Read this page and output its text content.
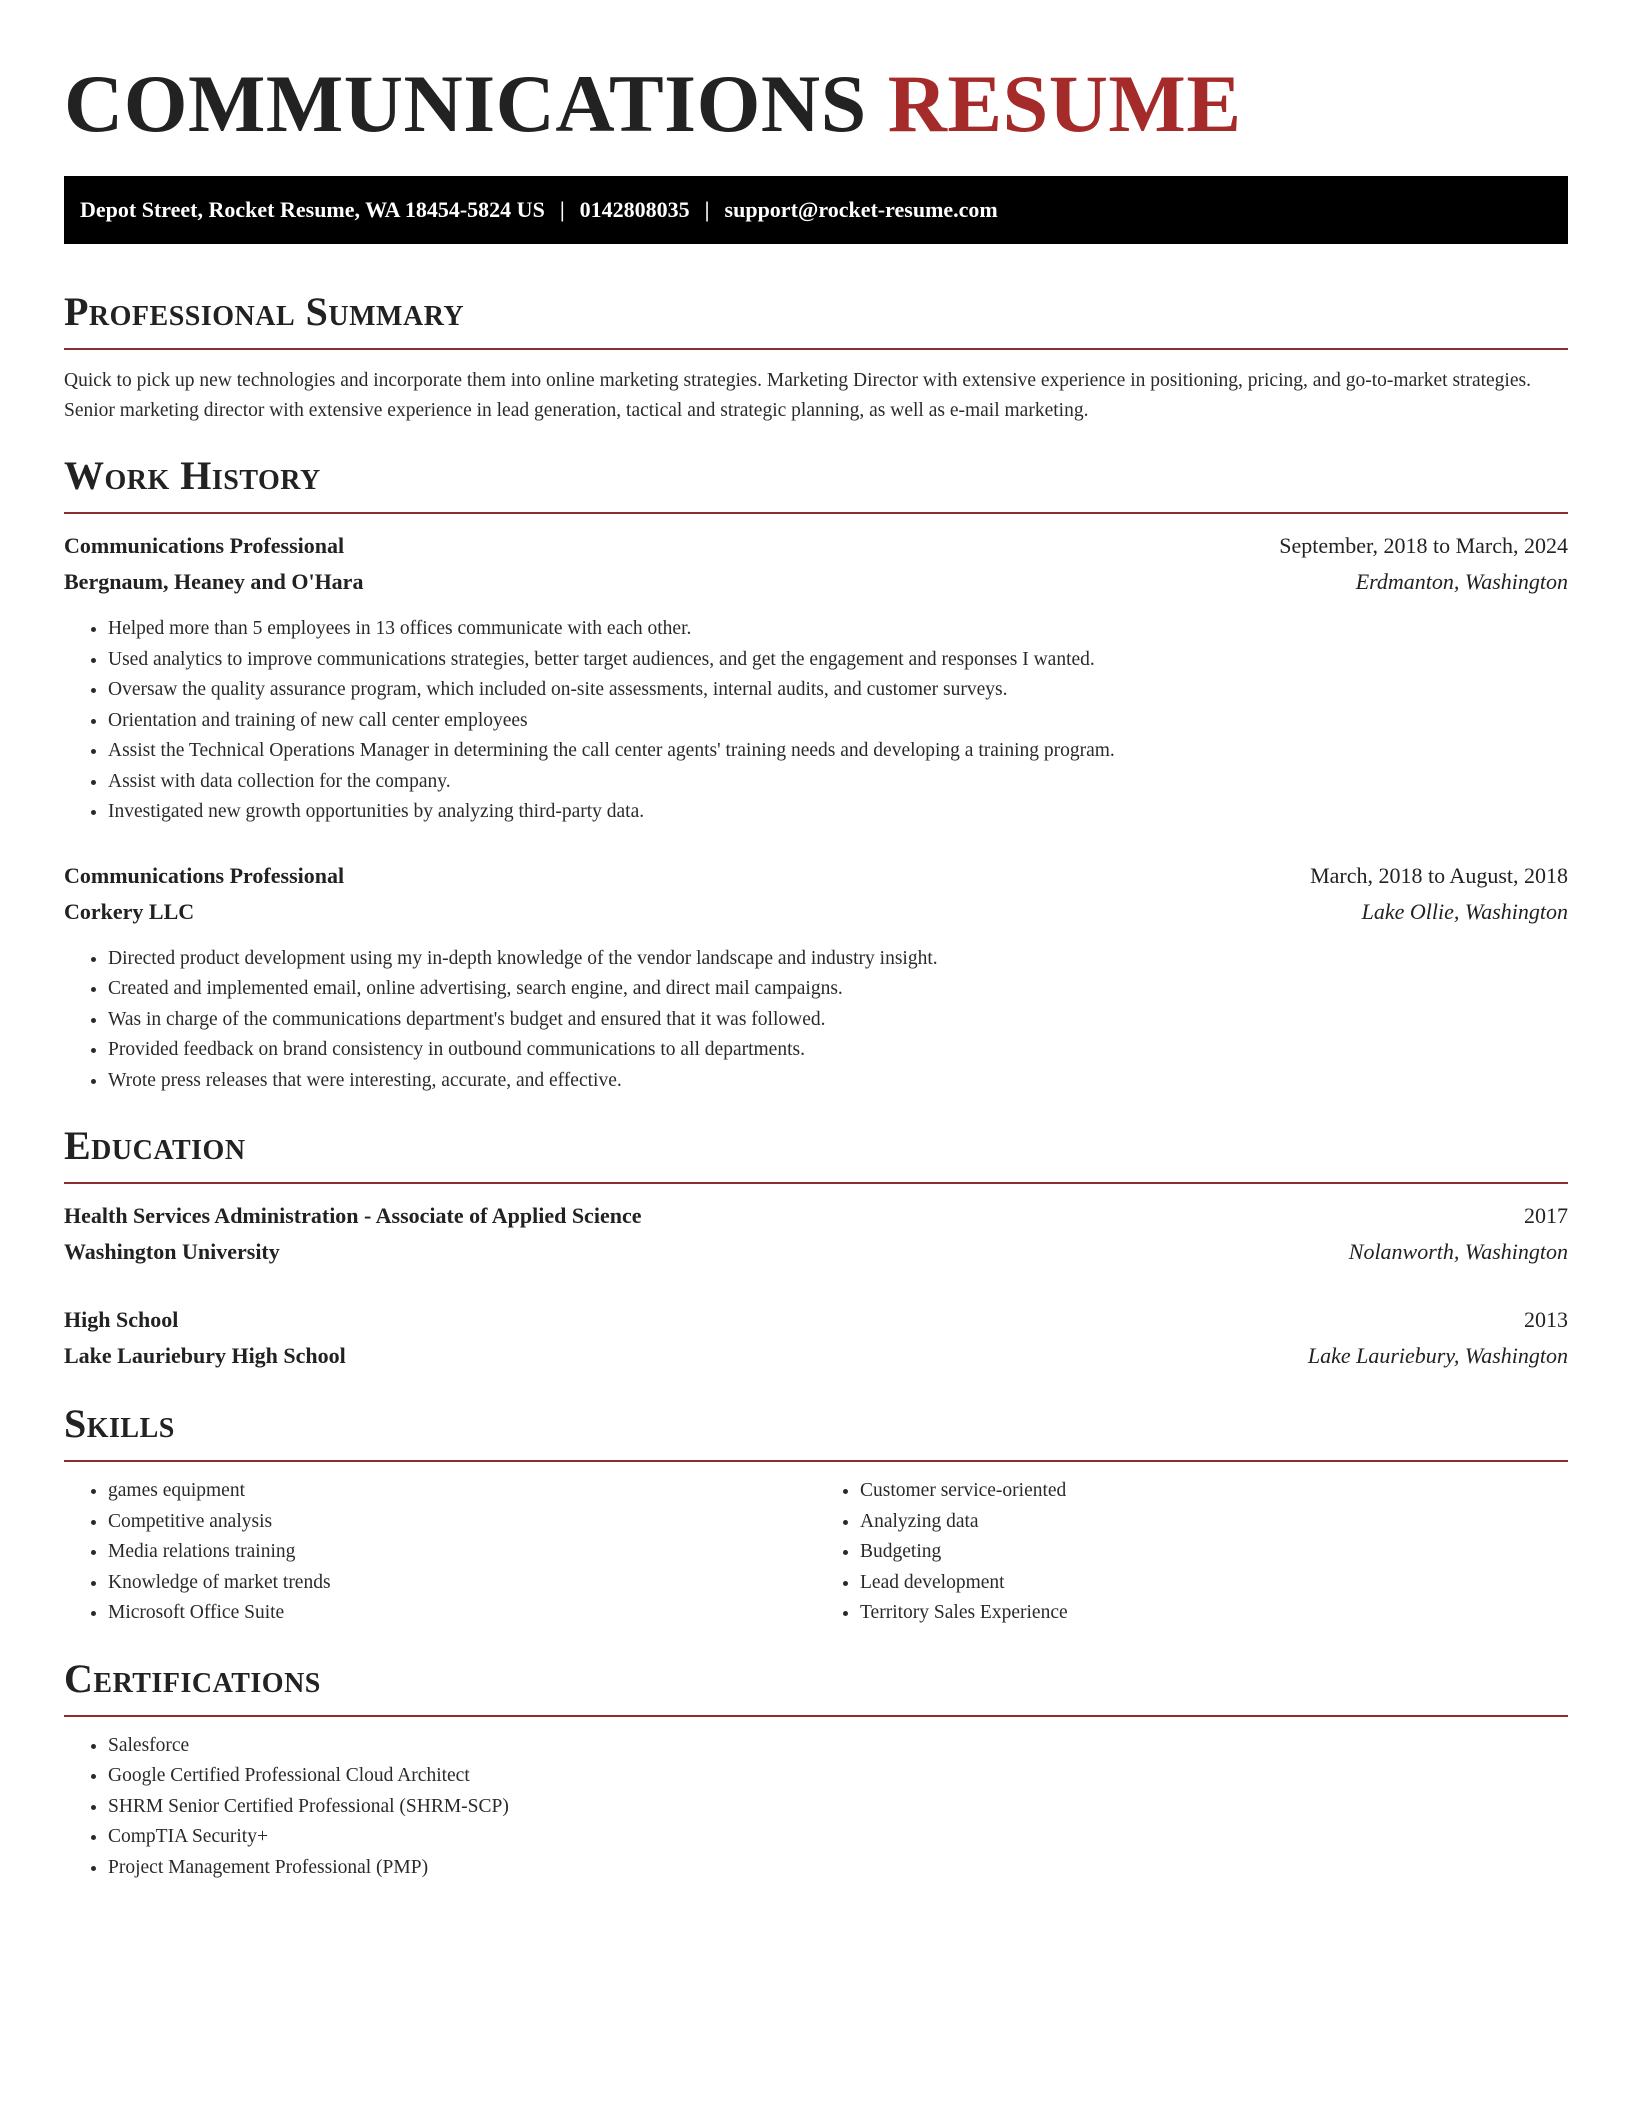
COMMUNICATIONS RESUME
Depot Street, Rocket Resume, WA 18454-5824 US | 0142808035 | support@rocket-resume.com
Professional Summary
Quick to pick up new technologies and incorporate them into online marketing strategies. Marketing Director with extensive experience in positioning, pricing, and go-to-market strategies. Senior marketing director with extensive experience in lead generation, tactical and strategic planning, as well as e-mail marketing.
Work History
Communications Professional	September, 2018 to March, 2024
Bergnaum, Heaney and O'Hara	Erdmanton, Washington
• Helped more than 5 employees in 13 offices communicate with each other.
• Used analytics to improve communications strategies, better target audiences, and get the engagement and responses I wanted.
• Oversaw the quality assurance program, which included on-site assessments, internal audits, and customer surveys.
• Orientation and training of new call center employees
• Assist the Technical Operations Manager in determining the call center agents' training needs and developing a training program.
• Assist with data collection for the company.
• Investigated new growth opportunities by analyzing third-party data.
Communications Professional	March, 2018 to August, 2018
Corkery LLC	Lake Ollie, Washington
• Directed product development using my in-depth knowledge of the vendor landscape and industry insight.
• Created and implemented email, online advertising, search engine, and direct mail campaigns.
• Was in charge of the communications department's budget and ensured that it was followed.
• Provided feedback on brand consistency in outbound communications to all departments.
• Wrote press releases that were interesting, accurate, and effective.
Education
Health Services Administration - Associate of Applied Science	2017
Washington University	Nolanworth, Washington
High School	2013
Lake Lauriebury High School	Lake Lauriebury, Washington
Skills
• games equipment
• Competitive analysis
• Media relations training
• Knowledge of market trends
• Microsoft Office Suite
• Customer service-oriented
• Analyzing data
• Budgeting
• Lead development
• Territory Sales Experience
Certifications
• Salesforce
• Google Certified Professional Cloud Architect
• SHRM Senior Certified Professional (SHRM-SCP)
• CompTIA Security+
• Project Management Professional (PMP)
